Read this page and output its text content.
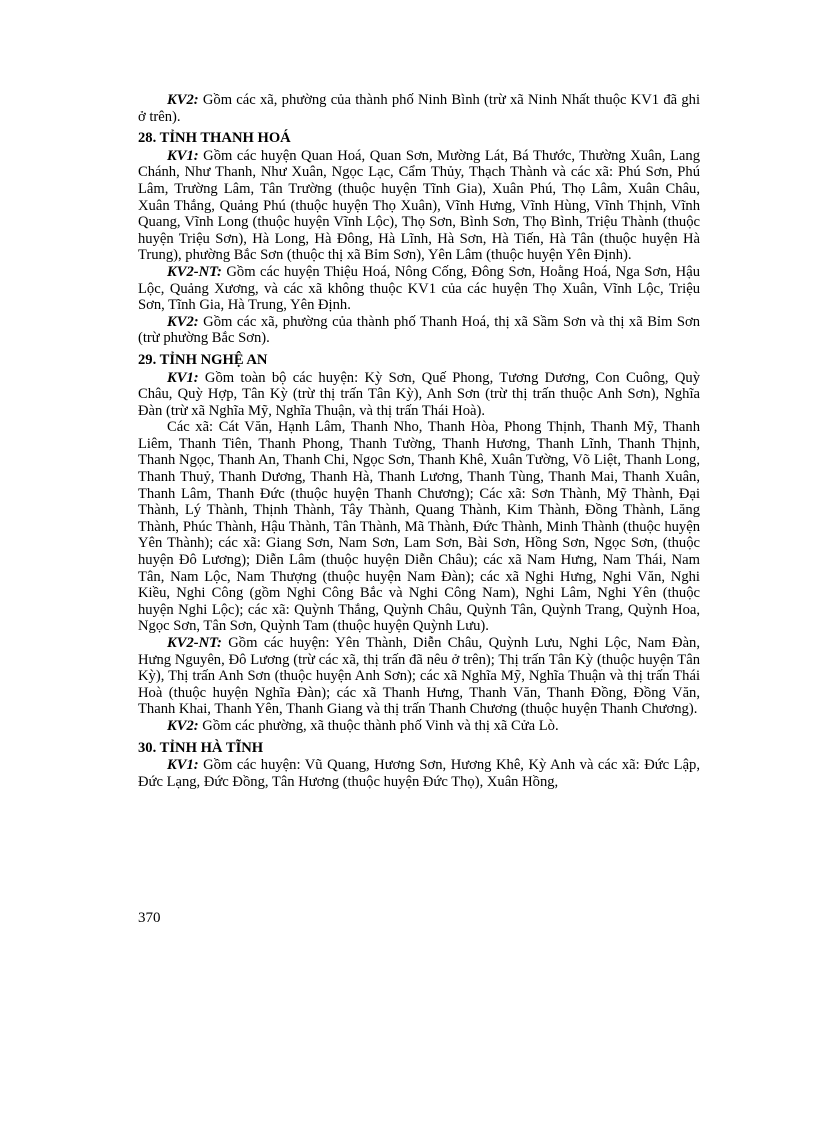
KV2: Gồm các xã, phường của thành phố Ninh Bình (trừ xã Ninh Nhất thuộc KV1 đã ghi ở trên).

28. TỈNH THANH HOÁ

KV1: Gồm các huyện Quan Hoá, Quan Sơn, Mường Lát, Bá Thước, Thường Xuân, Lang Chánh, Như Thanh, Như Xuân, Ngọc Lạc, Cẩm Thủy, Thạch Thành và các xã: Phú Sơn, Phú Lâm, Trường Lâm, Tân Trường (thuộc huyện Tĩnh Gia), Xuân Phú, Thọ Lâm, Xuân Châu, Xuân Thắng, Quảng Phú (thuộc huyện Thọ Xuân), Vĩnh Hưng, Vĩnh Hùng, Vĩnh Thịnh, Vĩnh Quang, Vĩnh Long (thuộc huyện Vĩnh Lộc), Thọ Sơn, Bình Sơn, Thọ Bình, Triệu Thành (thuộc huyện Triệu Sơn), Hà Long, Hà Đông, Hà Lĩnh, Hà Sơn, Hà Tiến, Hà Tân (thuộc huyện Hà Trung), phường Bắc Sơn (thuộc thị xã Bỉm Sơn), Yên Lâm (thuộc huyện Yên Định).

KV2-NT: Gồm các huyện Thiệu Hoá, Nông Cống, Đông Sơn, Hoằng Hoá, Nga Sơn, Hậu Lộc, Quảng Xương, và các xã không thuộc KV1 của các huyện Thọ Xuân, Vĩnh Lộc, Triệu Sơn, Tĩnh Gia, Hà Trung, Yên Định.

KV2: Gồm các xã, phường của thành phố Thanh Hoá, thị xã Sầm Sơn và thị xã Bỉm Sơn (trừ phường Bắc Sơn).

29. TỈNH NGHỆ AN

KV1: Gồm toàn bộ các huyện: Kỳ Sơn, Quế Phong, Tương Dương, Con Cuông, Quỳ Châu, Quỳ Hợp, Tân Kỳ (trừ thị trấn Tân Kỳ), Anh Sơn (trừ thị trấn thuộc Anh Sơn), Nghĩa Đàn (trừ xã Nghĩa Mỹ, Nghĩa Thuận, và thị trấn Thái Hoà).

Các xã: Cát Văn, Hạnh Lâm, Thanh Nho, Thanh Hòa, Phong Thịnh, Thanh Mỹ, Thanh Liêm, Thanh Tiên, Thanh Phong, Thanh Tường, Thanh Hương, Thanh Lĩnh, Thanh Thịnh, Thanh Ngọc, Thanh An, Thanh Chi, Ngọc Sơn, Thanh Khê, Xuân Tường, Võ Liệt, Thanh Long, Thanh Thuỷ, Thanh Dương, Thanh Hà, Thanh Lương, Thanh Tùng, Thanh Mai, Thanh Xuân, Thanh Lâm, Thanh Đức (thuộc huyện Thanh Chương); Các xã: Sơn Thành, Mỹ Thành, Đại Thành, Lý Thành, Thịnh Thành, Tây Thành, Quang Thành, Kim Thành, Đồng Thành, Lăng Thành, Phúc Thành, Hậu Thành, Tân Thành, Mã Thành, Đức Thành, Minh Thành (thuộc huyện Yên Thành); các xã: Giang Sơn, Nam Sơn, Lam Sơn, Bài Sơn, Hồng Sơn, Ngọc Sơn, (thuộc huyện Đô Lương); Diễn Lâm (thuộc huyện Diễn Châu); các xã Nam Hưng, Nam Thái, Nam Tân, Nam Lộc, Nam Thượng (thuộc huyện Nam Đàn); các xã Nghi Hưng, Nghi Văn, Nghi Kiều, Nghi Công (gồm Nghi Công Bắc và Nghi Công Nam), Nghi Lâm, Nghi Yên (thuộc huyện Nghi Lộc); các xã: Quỳnh Thắng, Quỳnh Châu, Quỳnh Tân, Quỳnh Trang, Quỳnh Hoa, Ngọc Sơn, Tân Sơn, Quỳnh Tam (thuộc huyện Quỳnh Lưu).

KV2-NT: Gồm các huyện: Yên Thành, Diễn Châu, Quỳnh Lưu, Nghi Lộc, Nam Đàn, Hưng Nguyên, Đô Lương (trừ các xã, thị trấn đã nêu ở trên); Thị trấn Tân Kỳ (thuộc huyện Tân Kỳ), Thị trấn Anh Sơn (thuộc huyện Anh Sơn); các xã Nghĩa Mỹ, Nghĩa Thuận và thị trấn Thái Hoà (thuộc huyện Nghĩa Đàn); các xã Thanh Hưng, Thanh Văn, Thanh Đồng, Đồng Văn, Thanh Khai, Thanh Yên, Thanh Giang và thị trấn Thanh Chương (thuộc huyện Thanh Chương).

KV2: Gồm các phường, xã thuộc thành phố Vinh và thị xã Cửa Lò.

30. TỈNH HÀ TĨNH

KV1: Gồm các huyện: Vũ Quang, Hương Sơn, Hương Khê, Kỳ Anh và các xã: Đức Lập, Đức Lạng, Đức Đồng, Tân Hương (thuộc huyện Đức Thọ), Xuân Hồng,

370
